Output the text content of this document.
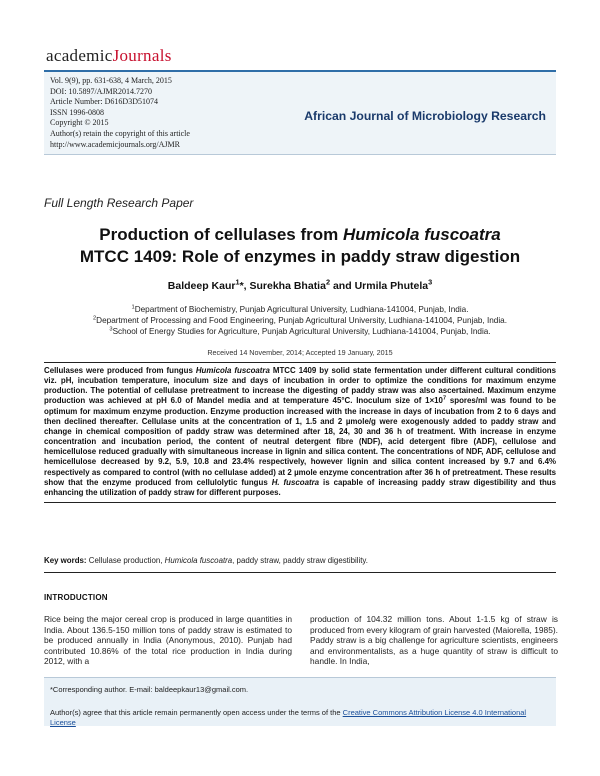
academicJournals
Vol. 9(9), pp. 631-638, 4 March, 2015
DOI: 10.5897/AJMR2014.7270
Article Number: D616D3D51074
ISSN 1996-0808
Copyright © 2015
Author(s) retain the copyright of this article
http://www.academicjournals.org/AJMR
African Journal of Microbiology Research
Full Length Research Paper
Production of cellulases from Humicola fuscoatra
MTCC 1409: Role of enzymes in paddy straw digestion
Baldeep Kaur$^1$*, Surekha Bhatia$^2$ and Urmila Phutela$^3$
$^1$Department of Biochemistry, Punjab Agricultural University, Ludhiana-141004, Punjab, India.
$^2$Department of Processing and Food Engineering, Punjab Agricultural University, Ludhiana-141004, Punjab, India.
$^3$School of Energy Studies for Agriculture, Punjab Agricultural University, Ludhiana-141004, Punjab, India.
Received 14 November, 2014; Accepted 19 January, 2015

Cellulases were produced from fungus Humicola fuscoatra MTCC 1409 by solid state fermentation under different cultural conditions viz. pH, incubation temperature, inoculum size and days of incubation in order to optimize the conditions for maximum enzyme production. The potential of cellulase pretreatment to increase the digesting of paddy straw was also ascertained. Maximum enzyme production was achieved at pH 6.0 of Mandel media and at temperature 45°C. Inoculum size of $1\times 10^7$ spores/ml was found to be optimum for maximum enzyme production. Enzyme production increased with the increase in days of incubation from 2 to 6 days and then declined thereafter. Cellulase units at the concentration of 1, 1.5 and 2 µmole/g were exogenously added to paddy straw and change in chemical composition of paddy straw was determined after 18, 24, 30 and 36 h of treatment. With increase in enzyme concentration and incubation period, the content of neutral detergent fibre (NDF), acid detergent fibre (ADF), cellulose and hemicellulose reduced gradually with simultaneous increase in lignin and silica content. The concentrations of NDF, ADF, cellulose and hemicellulose decreased by 9.2, 5.9, 10.8 and 23.4% respectively, however lignin and silica content increased by 9.7 and 6.4% respectively as compared to control (with no cellulase added) at 2 µmole enzyme concentration after 36 h of pretreatment. These results show that the enzyme produced from cellulolytic fungus H. fuscoatra is capable of increasing paddy straw digestibility and thus enhancing the utilization of paddy straw for different purposes.

Key words: Cellulase production, Humicola fuscoatra, paddy straw, paddy straw digestibility.
INTRODUCTION

Rice being the major cereal crop is produced in large quantities in India. About 136.5-150 million tons of paddy straw is estimated to be produced annually in India (Anonymous, 2010). Punjab had contributed 10.86% of the total rice production in India during 2012, with a

production of 104.32 million tons. About 1-1.5 kg of straw is produced from every kilogram of grain harvested (Maiorella, 1985). Paddy straw is a big challenge for agriculture scientists, engineers and environmentalists, as a huge quantity of straw is difficult to handle. In India,

*Corresponding author. E-mail: baldeepkaur13@gmail.com.
Author(s) agree that this article remain permanently open access under the terms of the Creative Commons Attribution License 4.0 International License
